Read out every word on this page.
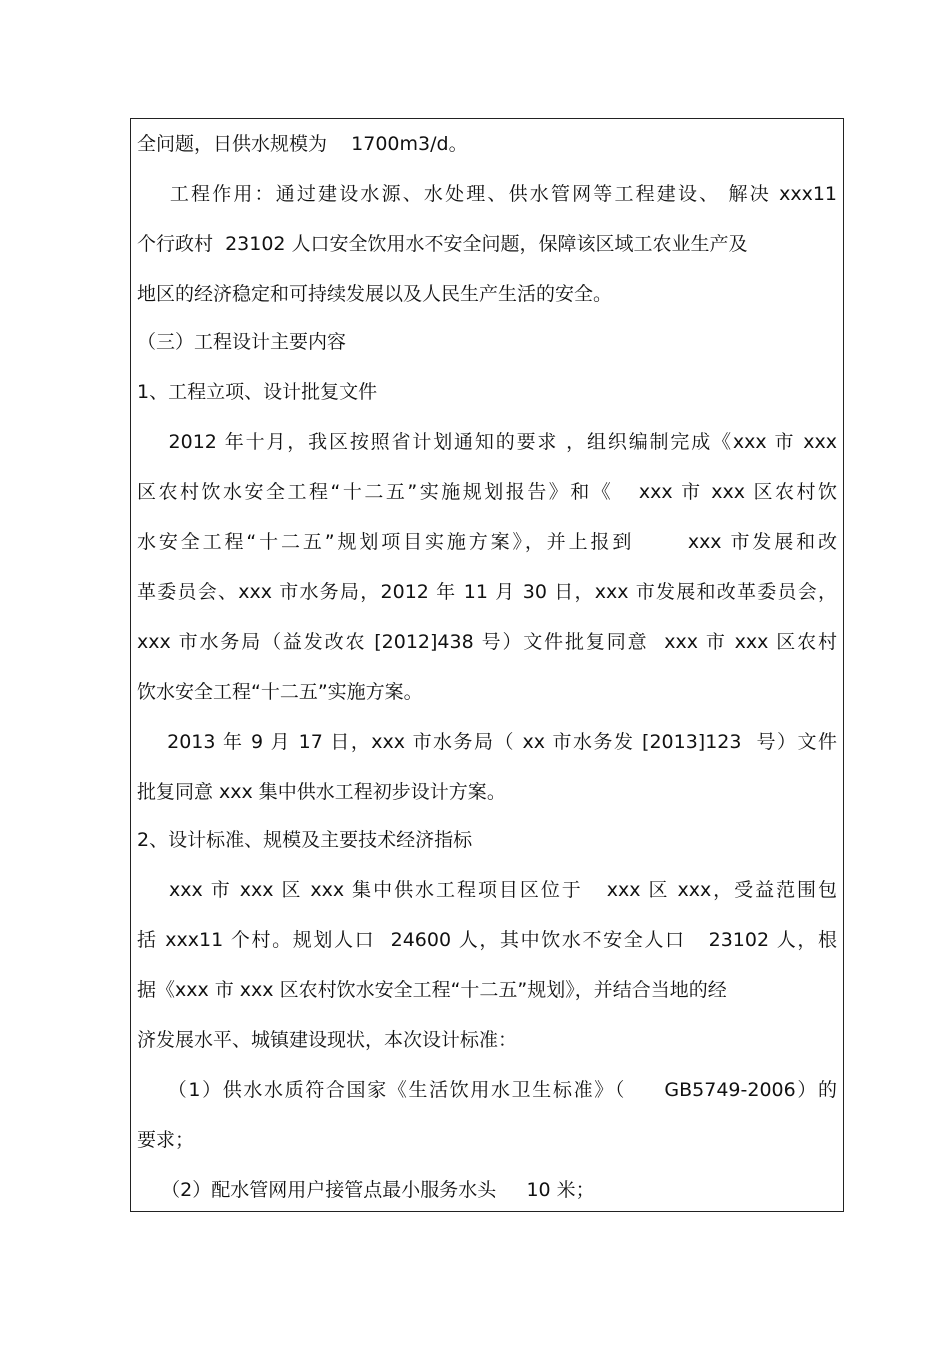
全问题，日供水规模为    1700m3/d。
工程作用：通过建设水源、水处理、供水管网等工程建设、 解决 xxx11
个行政村  23102 人口安全饮用水不安全问题，保障该区域工农业生产及
地区的经济稳定和可持续发展以及人民生产生活的安全。
（三）工程设计主要内容
1、工程立项、设计批复文件
2012 年十月，我区按照省计划通知的要求 ，组织编制完成《xxx 市 xxx
区农村饮水安全工程“十二五”实施规划报告》和《   xxx 市 xxx 区农村饮
水安全工程“十二五”规划项目实施方案》，并上报到      xxx 市发展和改
革委员会、xxx 市水务局，2012 年 11 月 30 日，xxx 市发展和改革委员会，
xxx 市水务局（益发改农 [2012]438 号）文件批复同意  xxx 市 xxx 区农村
饮水安全工程“十二五”实施方案。
2013 年 9 月 17 日，xxx 市水务局（ xx 市水务发 [2013]123  号）文件
批复同意 xxx 集中供水工程初步设计方案。
2、设计标准、规模及主要技术经济指标
xxx 市 xxx 区 xxx 集中供水工程项目区位于   xxx 区 xxx，受益范围包
括 xxx11 个村。规划人口  24600 人，其中饮水不安全人口   23102 人，根
据《xxx 市 xxx 区农村饮水安全工程“十二五”规划》，并结合当地的经
济发展水平、城镇建设现状，本次设计标准：
（1）供水水质符合国家《生活饮用水卫生标准》（     GB5749-2006）的
要求；
（2）配水管网用户接管点最小服务水头     10 米；
